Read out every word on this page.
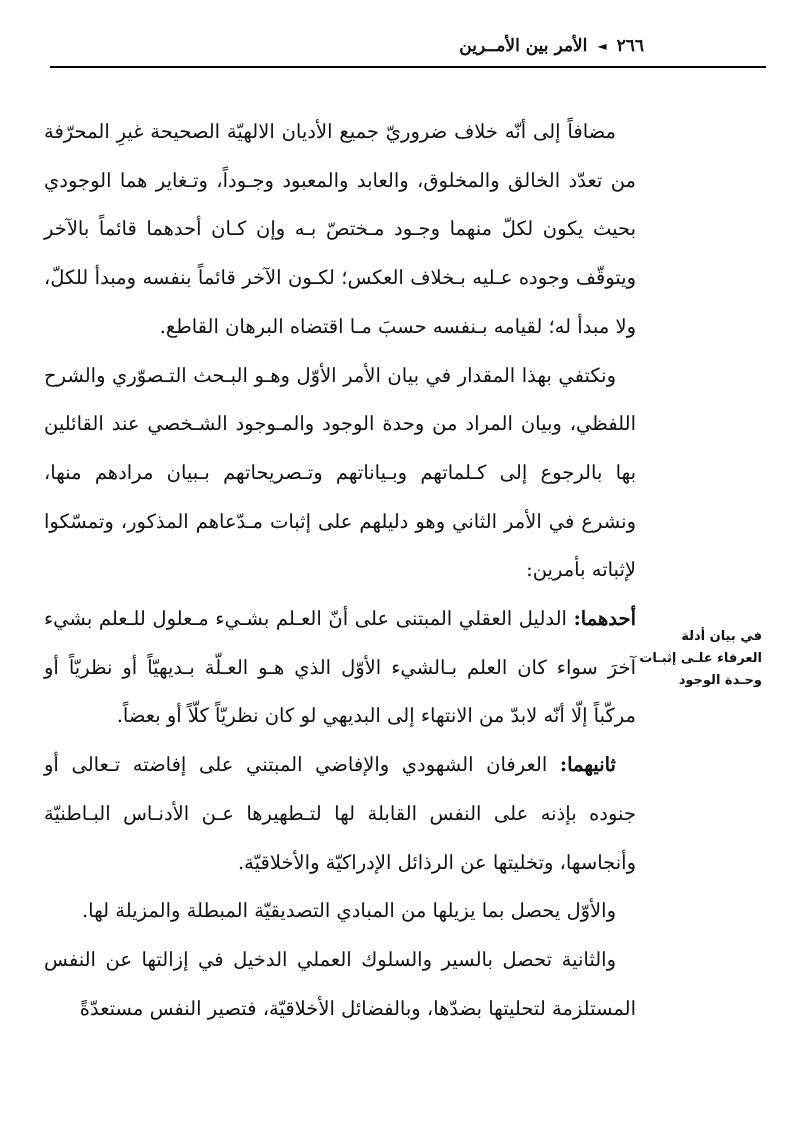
٢٦٦
◄
الأمر بين الأمــرين

مضافاً إلى أنّه خلاف ضروريّ جميع الأديان الالهيّة الصحيحة غيرِ المحرّفة من تعدّد الخالق والمخلوق، والعابد والمعبود وجـوداً، وتـغاير هما الوجودي بحيث يكون لكلّ منهما وجـود مـختصّ بـه وإن كـان أحدهما قائماً بالآخر ويتوقّف وجوده عـليه بـخلاف العكس؛ لكـون الآخر قائماً بنفسه ومبدأ للكلّ، ولا مبدأ له؛ لقيامه بـنفسه حسبَ مـا اقتضاه البرهان القاطع.

ونكتفي بهذا المقدار في بيان الأمر الأوّل وهـو البـحث التـصوّري والشرح اللفظي، وبيان المراد من وحدة الوجود والمـوجود الشـخصي عند القائلين بها بالرجوع إلى كـلماتهم وبـياناتهم وتـصريحاتهم بـبيان مرادهم منها، ونشرع في الأمر الثاني وهو دليلهم على إثبات مـدّعاهم المذكور، وتمسّكوا لإثباته بأمرين:

أحدهما: الدليل العقلي المبتنى على أنّ العـلم بشـيء مـعلول للـعلم بشيء آخرَ سواء كان العلم بـالشيء الأوّل الذي هـو العـلّة بـديهيّاً أو نظريّاً أو مركّباً إلّا أنّه لابدّ من الانتهاء إلى البديهي لو كان نظريّاً كلّاً أو بعضاً.

ثانيهما: العرفان الشهودي والإفاضي المبتني على إفاضته تـعالى أو جنوده بإذنه على النفس القابلة لها لتـطهيرها عـن الأدنـاس البـاطنيّة وأنجاسها، وتخليتها عن الرذائل الإدراكيّة والأخلاقيّة.

والأوّل يحصل بما يزيلها من المبادي التصديقيّة المبطلة والمزيلة لها.

والثانية تحصل بالسير والسلوك العملي الدخيل في إزالتها عن النفس المستلزمة لتحليتها بضدّها، وبالفضائل الأخلاقيّة، فتصير النفس مستعدّةً

في بيان أدلة العرفاء علـى إثبـات وحـدة الوجود
